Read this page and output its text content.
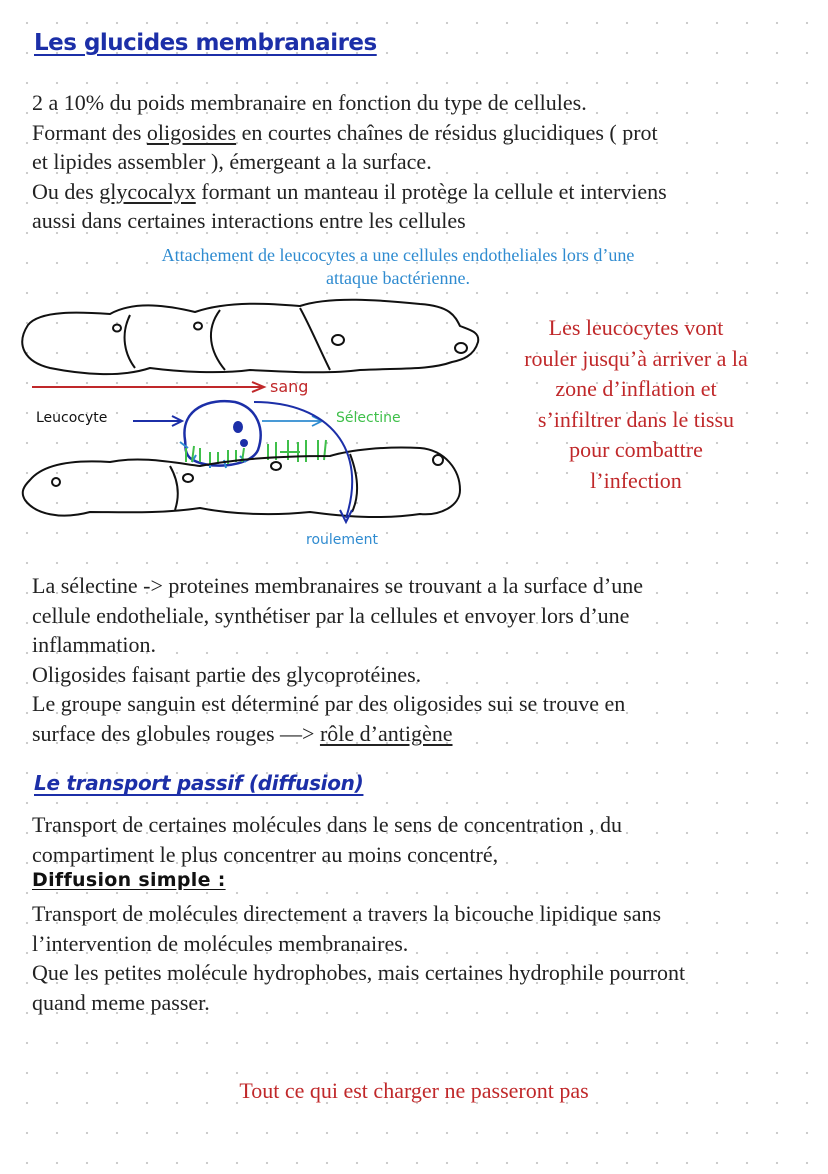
Les glucides membranaires
2 a 10% du poids membranaire en fonction du type de cellules.
Formant des oligosides en courtes chaînes de résidus glucidiques ( prot
et lipides assembler ), émergeant a la surface.
Ou des glycocalyx formant un manteau il protège la cellule et interviens
aussi dans certaines interactions entre les cellules
Attachement de leucocytes a une cellules endotheliales lors d’une
attaque bactérienne.
sang
Leucocyte	Sélectine
roulement
Les leucocytes vont
rouler jusqu’à arriver a la
zone d’inflation et
s’infiltrer dans le tissu
pour combattre
l’infection
La sélectine -> proteines membranaires se trouvant a la surface d’une
cellule endotheliale, synthétiser par la cellules et envoyer lors d’une
inflammation.
Oligosides faisant partie des glycoprotéines.
Le groupe sanguin est déterminé par des oligosides sui se trouve en
surface des globules rouges —> rôle d’antigène
Le transport passif (diffusion)
Transport de certaines molécules dans le sens de concentration , du
compartiment le plus concentrer au moins concentré,
Diffusion simple :
Transport de molécules directement a travers la bicouche lipidique sans
l’intervention de molécules membranaires.
Que les petites molécule hydrophobes, mais certaines hydrophile pourront
quand meme passer.
Tout ce qui est charger ne passeront pas
